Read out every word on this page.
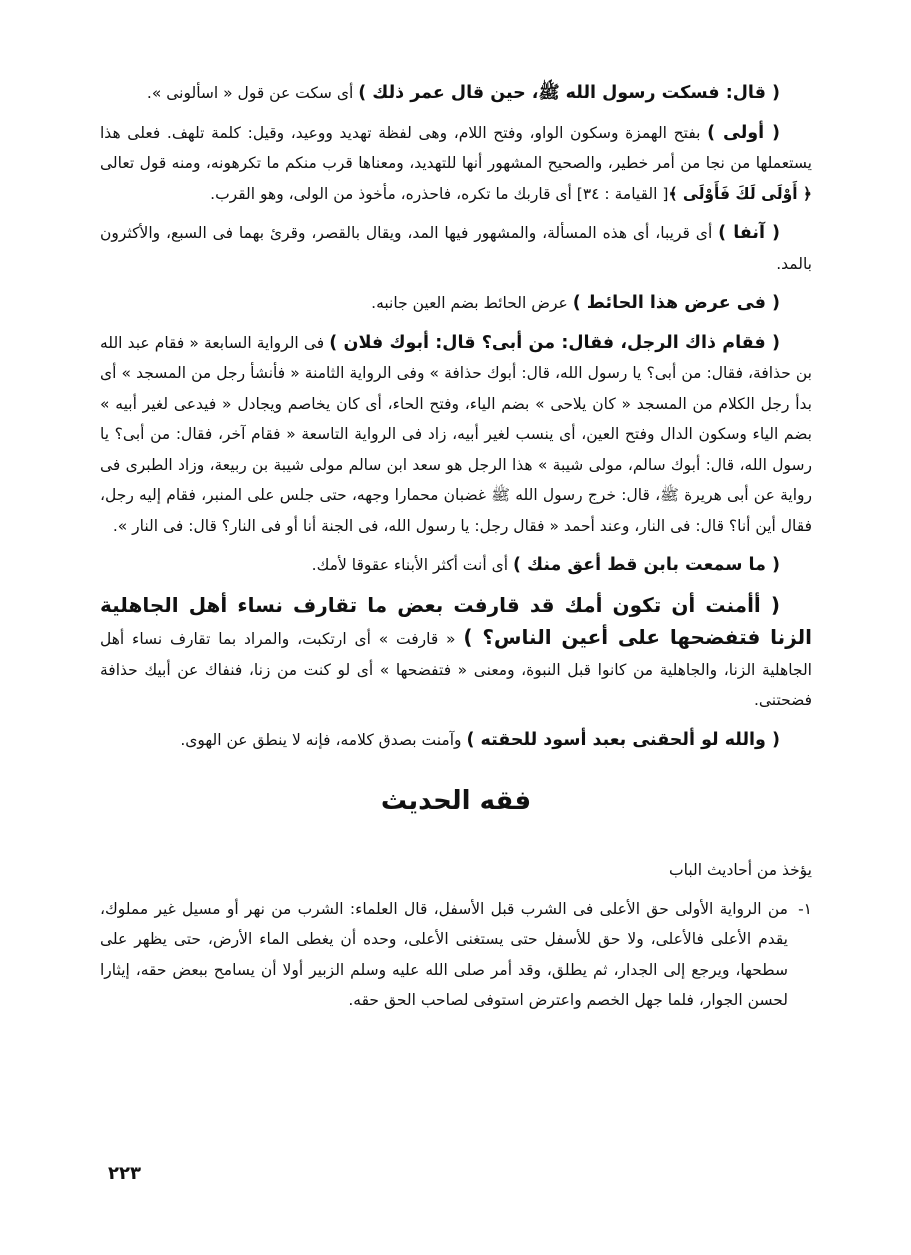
( قال: فسكت رسول الله ﷺ، حين قال عمر ذلك ) أى سكت عن قول « اسألونى ».

( أولى ) بفتح الهمزة وسكون الواو، وفتح اللام، وهى لفظة تهديد ووعيد، وقيل: كلمة تلهف. فعلى هذا يستعملها من نجا من أمر خطير، والصحيح المشهور أنها للتهديد، ومعناها قرب منكم ما تكرهونه، ومنه قول تعالى ﴿ أَوْلَى لَكَ فَأَوْلَى ﴾[ القيامة : ٣٤] أى قاربك ما تكره، فاحذره، مأخوذ من الولى، وهو القرب.

( آنفا ) أى قريبا، أى هذه المسألة، والمشهور فيها المد، ويقال بالقصر، وقرئ بهما فى السبع، والأكثرون بالمد.

( فى عرض هذا الحائط ) عرض الحائط بضم العين جانبه.

( فقام ذاك الرجل، فقال: من أبى؟ قال: أبوك فلان ) فى الرواية السابعة « فقام عبد الله بن حذافة، فقال: من أبى؟ يا رسول الله، قال: أبوك حذافة » وفى الرواية الثامنة « فأنشأ رجل من المسجد » أى بدأ رجل الكلام من المسجد « كان يلاحى » بضم الياء، وفتح الحاء، أى كان يخاصم ويجادل « فيدعى لغير أبيه » بضم الياء وسكون الدال وفتح العين، أى ينسب لغير أبيه، زاد فى الرواية التاسعة « فقام آخر، فقال: من أبى؟ يا رسول الله، قال: أبوك سالم، مولى شيبة » هذا الرجل هو سعد ابن سالم مولى شيبة بن ربيعة، وزاد الطبرى فى رواية عن أبى هريرة ﷺ، قال: خرج رسول الله ﷺ غضبان محمارا وجهه، حتى جلس على المنبر، فقام إليه رجل، فقال أين أنا؟ قال: فى النار، وعند أحمد « فقال رجل: يا رسول الله، فى الجنة أنا أو فى النار؟ قال: فى النار ».

( ما سمعت بابن قط أعق منك ) أى أنت أكثر الأبناء عقوقا لأمك.

( أأمنت أن تكون أمك قد قارفت بعض ما تقارف نساء أهل الجاهلية الزنا فتفضحها على أعين الناس؟ ) « قارفت » أى ارتكبت، والمراد بما تقارف نساء أهل الجاهلية الزنا، والجاهلية من كانوا قبل النبوة، ومعنى « فتفضحها » أى لو كنت من زنا، فنفاك عن أبيك حذافة فضحتنى.

( والله لو ألحقنى بعبد أسود للحقته ) وآمنت بصدق كلامه، فإنه لا ينطق عن الهوى.

فقه الحديث

يؤخذ من أحاديث الباب

١-
من الرواية الأولى حق الأعلى فى الشرب قبل الأسفل، قال العلماء: الشرب من نهر أو مسيل غير مملوك، يقدم الأعلى فالأعلى، ولا حق للأسفل حتى يستغنى الأعلى، وحده أن يغطى الماء الأرض، حتى يظهر على سطحها، ويرجع إلى الجدار، ثم يطلق، وقد أمر صلى الله عليه وسلم الزبير أولا أن يسامح ببعض حقه، إيثارا لحسن الجوار، فلما جهل الخصم واعترض استوفى لصاحب الحق حقه.
٢٢٣
